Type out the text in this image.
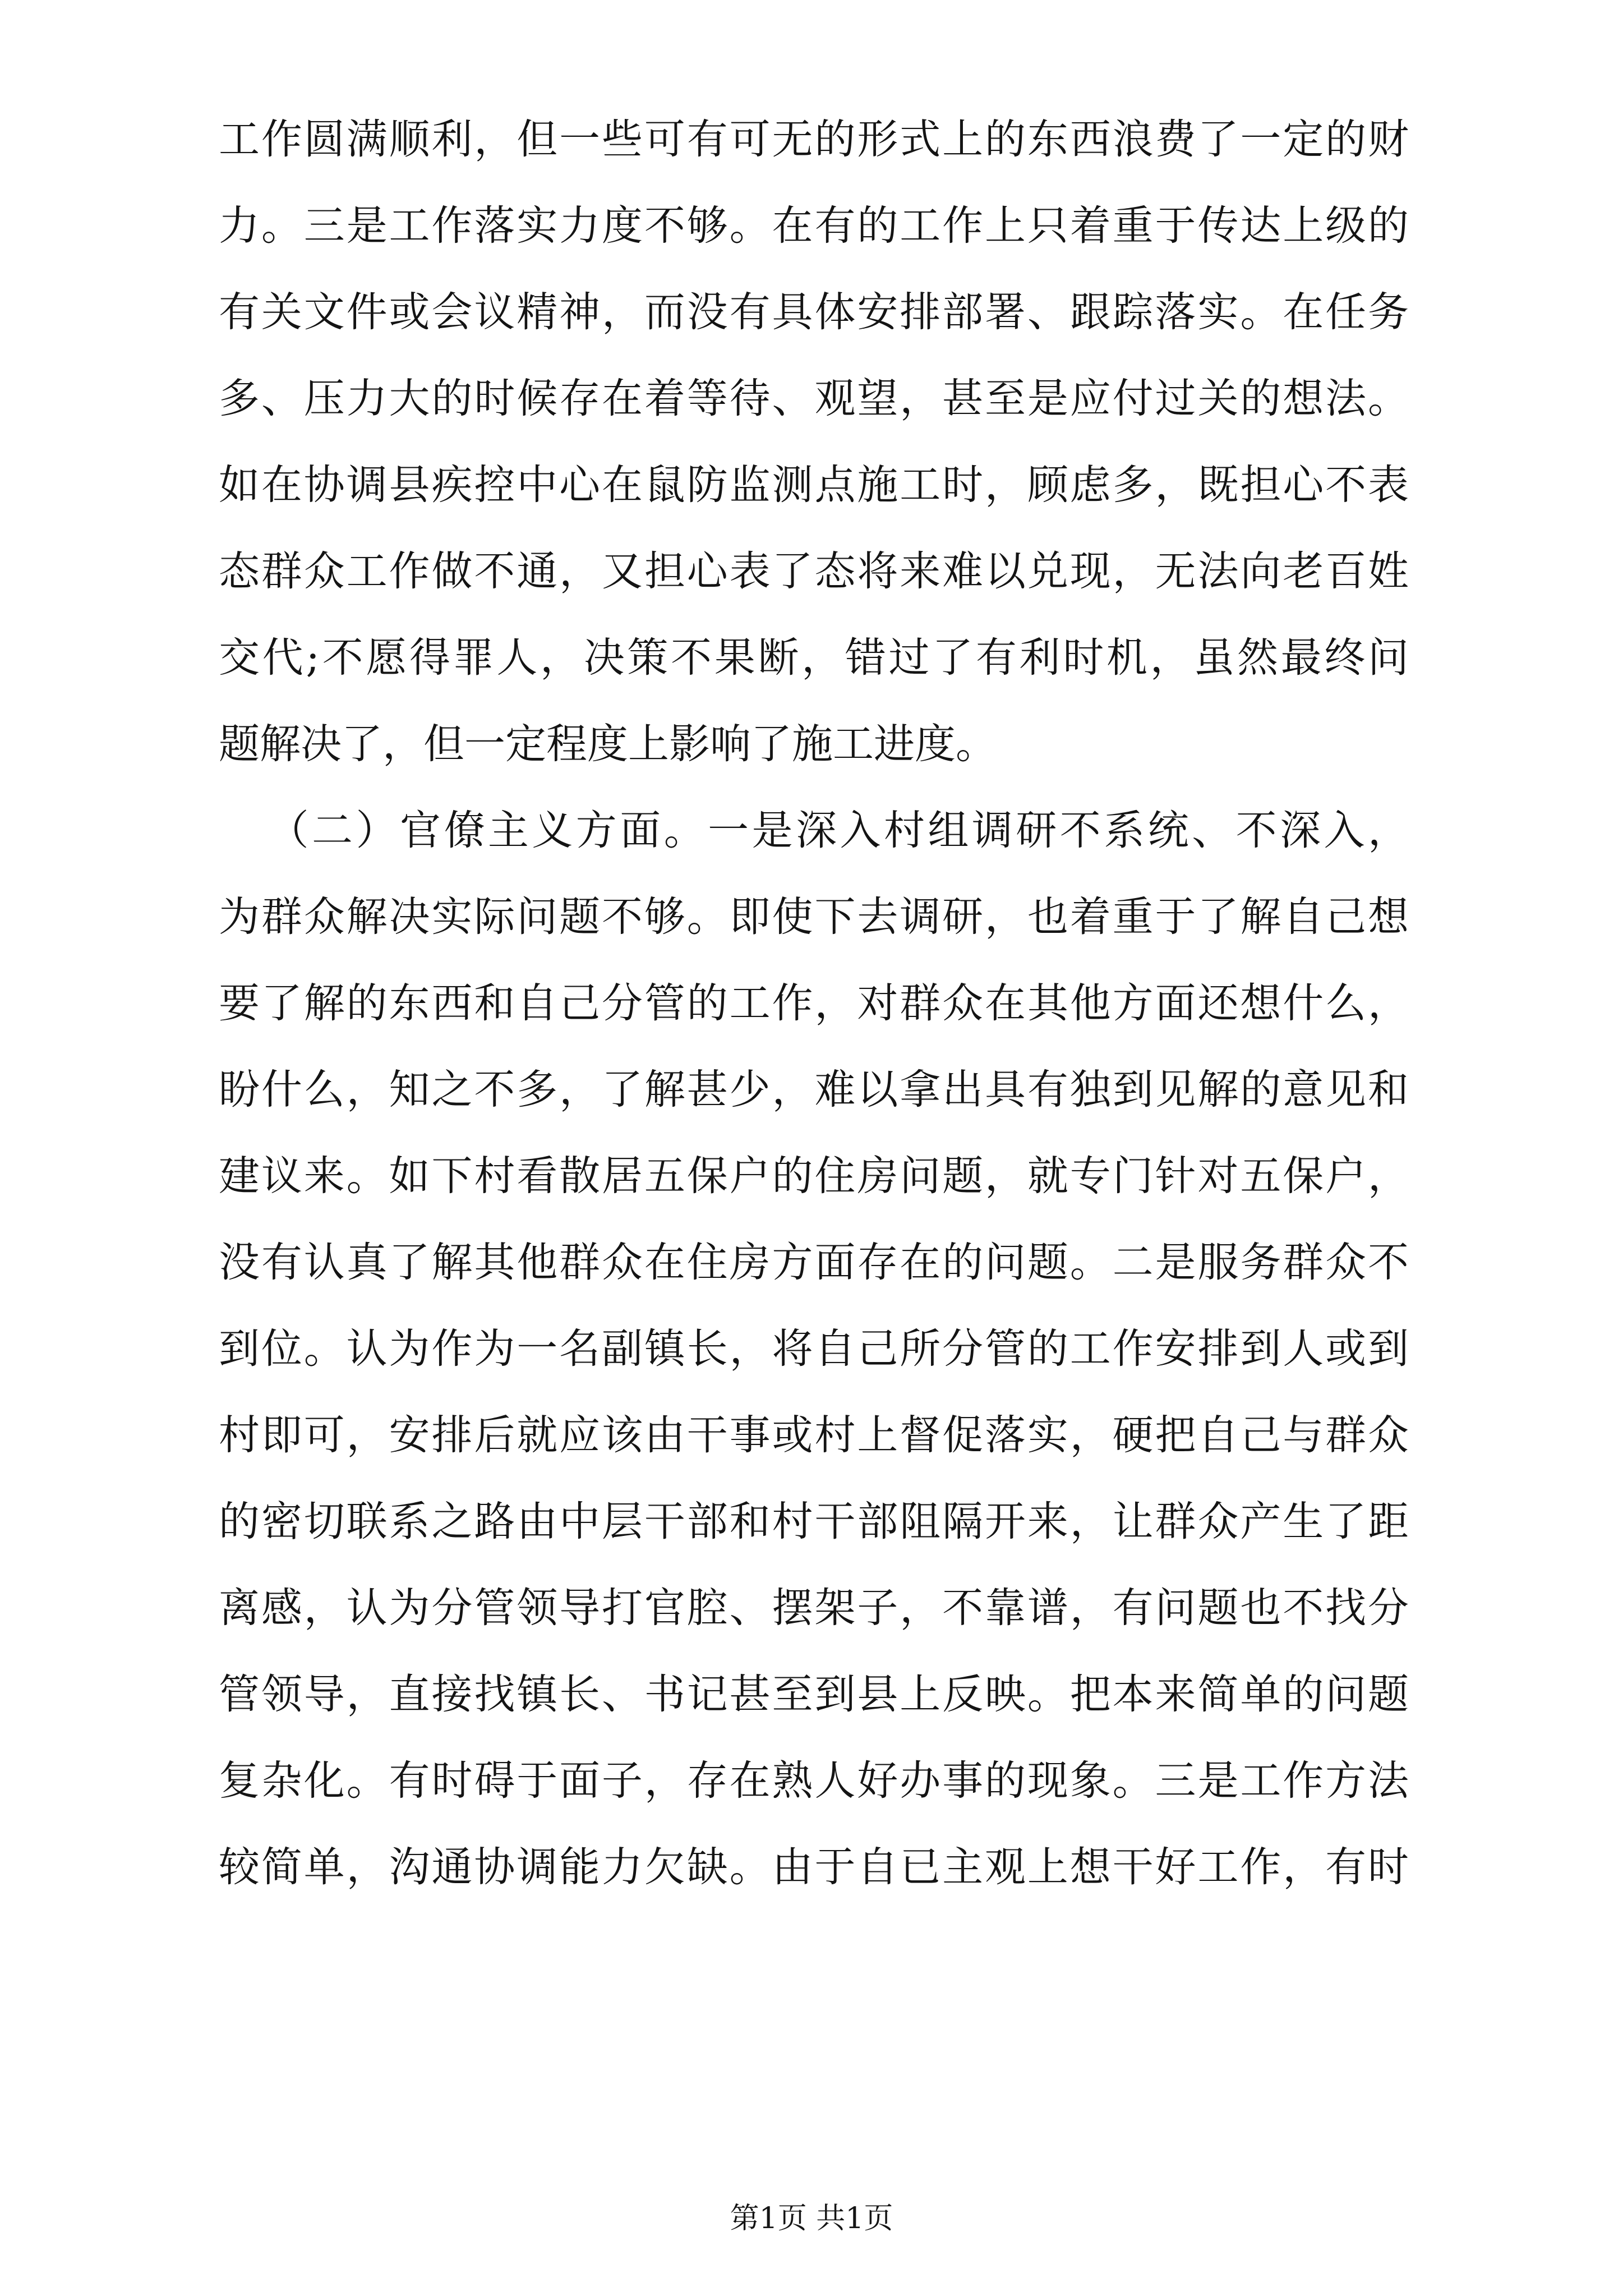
工作圆满顺利，但一些可有可无的形式上的东西浪费了一定的财
力。三是工作落实力度不够。在有的工作上只着重于传达上级的
有关文件或会议精神，而没有具体安排部署、跟踪落实。在任务
多、压力大的时候存在着等待、观望，甚至是应付过关的想法。
如在协调县疾控中心在鼠防监测点施工时，顾虑多，既担心不表
态群众工作做不通，又担心表了态将来难以兑现，无法向老百姓
交代;不愿得罪人，决策不果断，错过了有利时机，虽然最终问
题解决了，但一定程度上影响了施工进度。
（二）官僚主义方面。一是深入村组调研不系统、不深入，
为群众解决实际问题不够。即使下去调研，也着重于了解自己想
要了解的东西和自己分管的工作，对群众在其他方面还想什么，
盼什么，知之不多，了解甚少，难以拿出具有独到见解的意见和
建议来。如下村看散居五保户的住房问题，就专门针对五保户，
没有认真了解其他群众在住房方面存在的问题。二是服务群众不
到位。认为作为一名副镇长，将自己所分管的工作安排到人或到
村即可，安排后就应该由干事或村上督促落实，硬把自己与群众
的密切联系之路由中层干部和村干部阻隔开来，让群众产生了距
离感，认为分管领导打官腔、摆架子，不靠谱，有问题也不找分
管领导，直接找镇长、书记甚至到县上反映。把本来简单的问题
复杂化。有时碍于面子，存在熟人好办事的现象。三是工作方法
较简单，沟通协调能力欠缺。由于自已主观上想干好工作，有时
第1页 共1页
